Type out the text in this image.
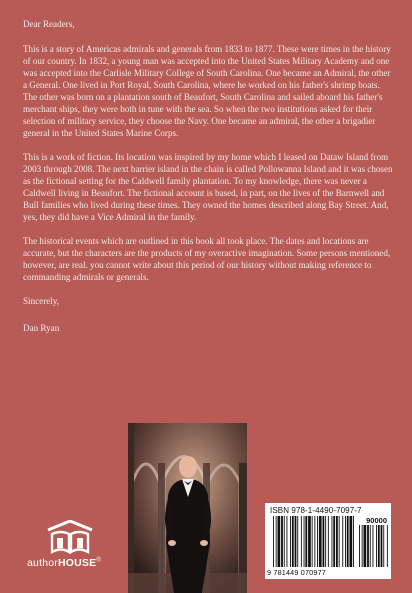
Dear Readers,

This is a story of Americas admirals and generals from 1833 to 1877. These were times in the history of our country. In 1832, a young man was accepted into the United States Military Academy and one was accepted into the Carlisle Military College of South Carolina. One became an Admiral, the other a General. One lived in Port Royal, South Carolina, where he worked on his father's shrimp boats. The other was born on a plantation south of Beaufort, South Carolina and sailed aboard his father's merchant ships, they were both in tune with the sea. So when the two institutions asked for their selection of military service, they choose the Navy. One became an admiral, the other a brigadier general in the United States Marine Corps.

This is a work of fiction. Its location was inspired by my home which I leased on Dataw Island from 2003 through 2008. The next barrier island in the chain is called Pollowanna Island and it was chosen as the fictional setting for the Caldwell family plantation. To my knowledge, there was never a Caldwell living in Beaufort. The fictional account is based, in part, on the lives of the Barnwell and Bull families who lived during these times. They owned the homes described along Bay Street. And, yes, they did have a Vice Admiral in the family.

The historical events which are outlined in this book all took place. The dates and locations are accurate, but the characters are the products of my overactive imagination. Some persons mentioned, however, are real. you cannot write about this period of our history without making reference to commanding admirals or generals.

Sincerely,

Dan Ryan

authorHOUSE®
ISBN 978-1-4490-7097-7
90000
9 781449 070977
